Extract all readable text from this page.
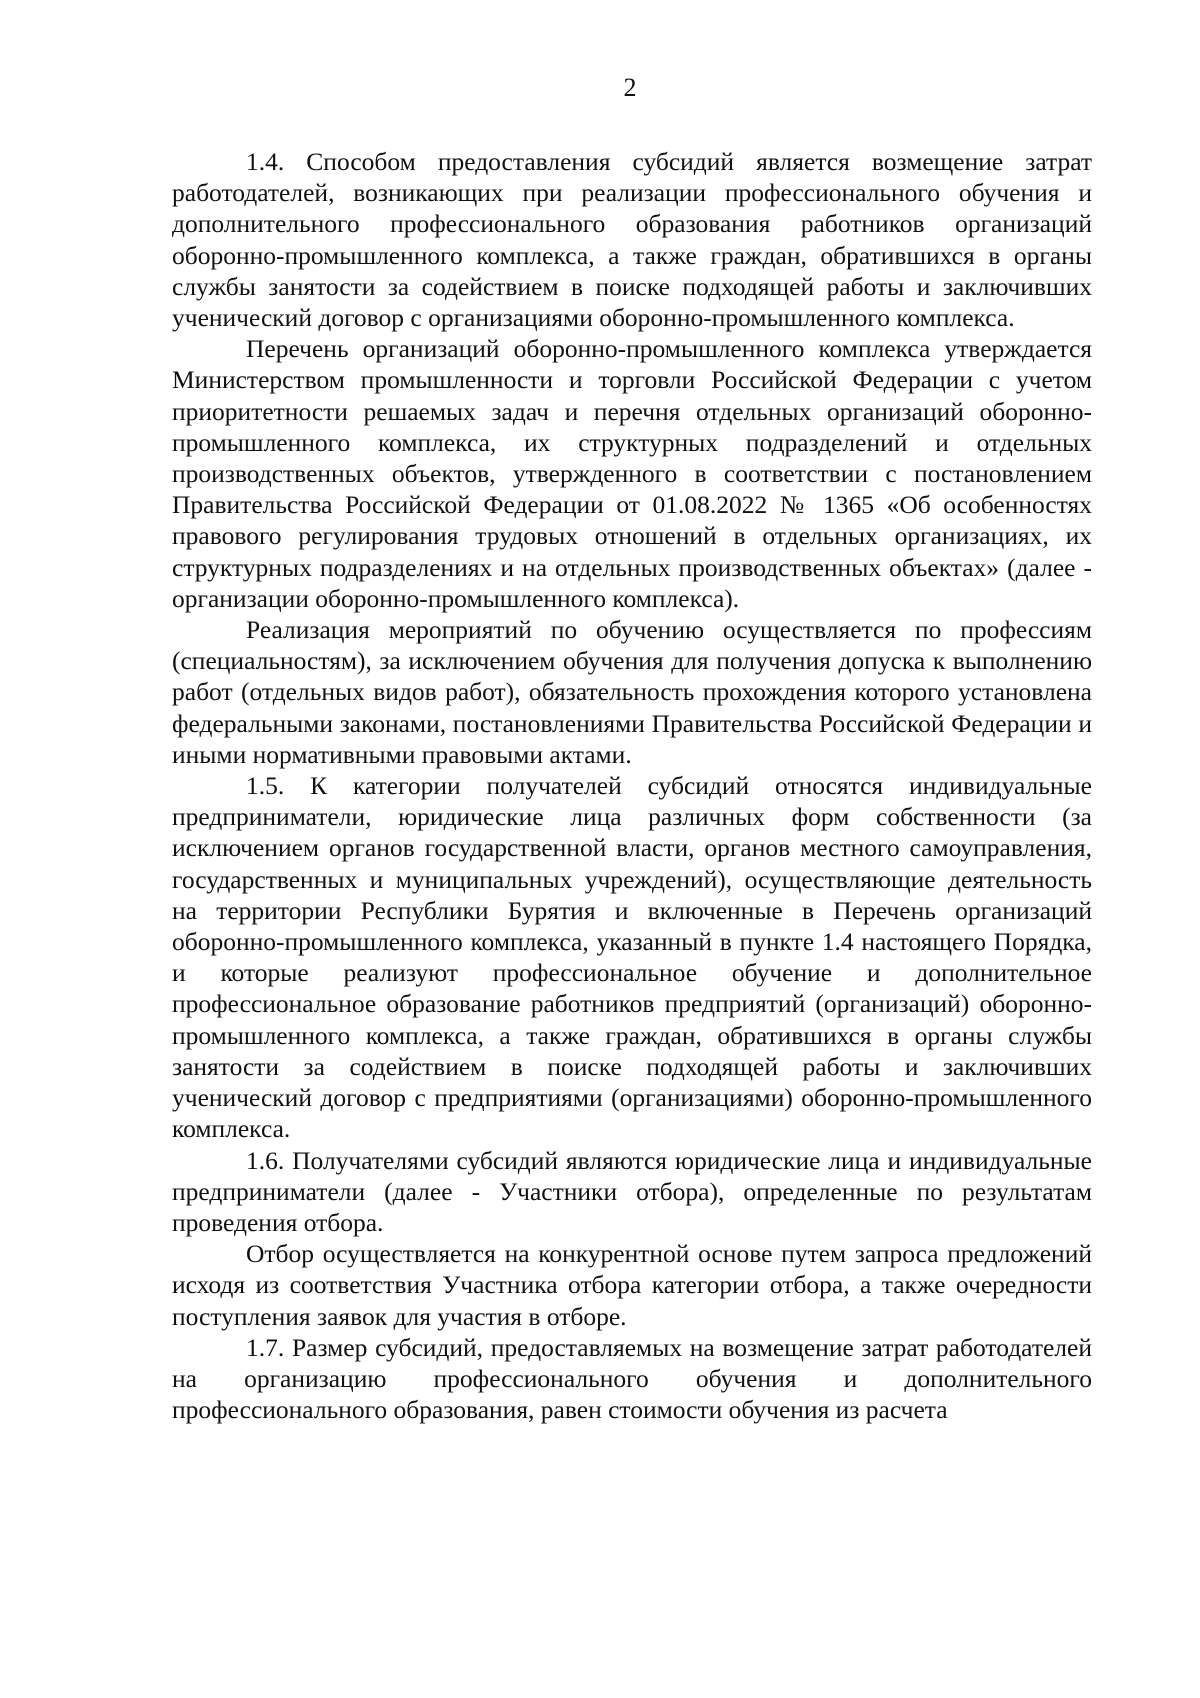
2

1.4. Способом предоставления субсидий является возмещение затрат работодателей, возникающих при реализации профессионального обучения и дополнительного профессионального образования работников организаций оборонно-промышленного комплекса, а также граждан, обратившихся в органы службы занятости за содействием в поиске подходящей работы и заключивших ученический договор с организациями оборонно-промышленного комплекса.

Перечень организаций оборонно-промышленного комплекса утверждается Министерством промышленности и торговли Российской Федерации с учетом приоритетности решаемых задач и перечня отдельных организаций оборонно-промышленного комплекса, их структурных подразделений и отдельных производственных объектов, утвержденного в соответствии с постановлением Правительства Российской Федерации от 01.08.2022 № 1365 «Об особенностях правового регулирования трудовых отношений в отдельных организациях, их структурных подразделениях и на отдельных производственных объектах» (далее - организации оборонно-промышленного комплекса).

Реализация мероприятий по обучению осуществляется по профессиям (специальностям), за исключением обучения для получения допуска к выполнению работ (отдельных видов работ), обязательность прохождения которого установлена федеральными законами, постановлениями Правительства Российской Федерации и иными нормативными правовыми актами.

1.5. К категории получателей субсидий относятся индивидуальные предприниматели, юридические лица различных форм собственности (за исключением органов государственной власти, органов местного самоуправления, государственных и муниципальных учреждений), осуществляющие деятельность на территории Республики Бурятия и включенные в Перечень организаций оборонно-промышленного комплекса, указанный в пункте 1.4 настоящего Порядка, и которые реализуют профессиональное обучение и дополнительное профессиональное образование работников предприятий (организаций) оборонно-промышленного комплекса, а также граждан, обратившихся в органы службы занятости за содействием в поиске подходящей работы и заключивших ученический договор с предприятиями (организациями) оборонно-промышленного комплекса.

1.6. Получателями субсидий являются юридические лица и индивидуальные предприниматели (далее - Участники отбора), определенные по результатам проведения отбора.

Отбор осуществляется на конкурентной основе путем запроса предложений исходя из соответствия Участника отбора категории отбора, а также очередности поступления заявок для участия в отборе.

1.7. Размер субсидий, предоставляемых на возмещение затрат работодателей на организацию профессионального обучения и дополнительного профессионального образования, равен стоимости обучения из расчета
